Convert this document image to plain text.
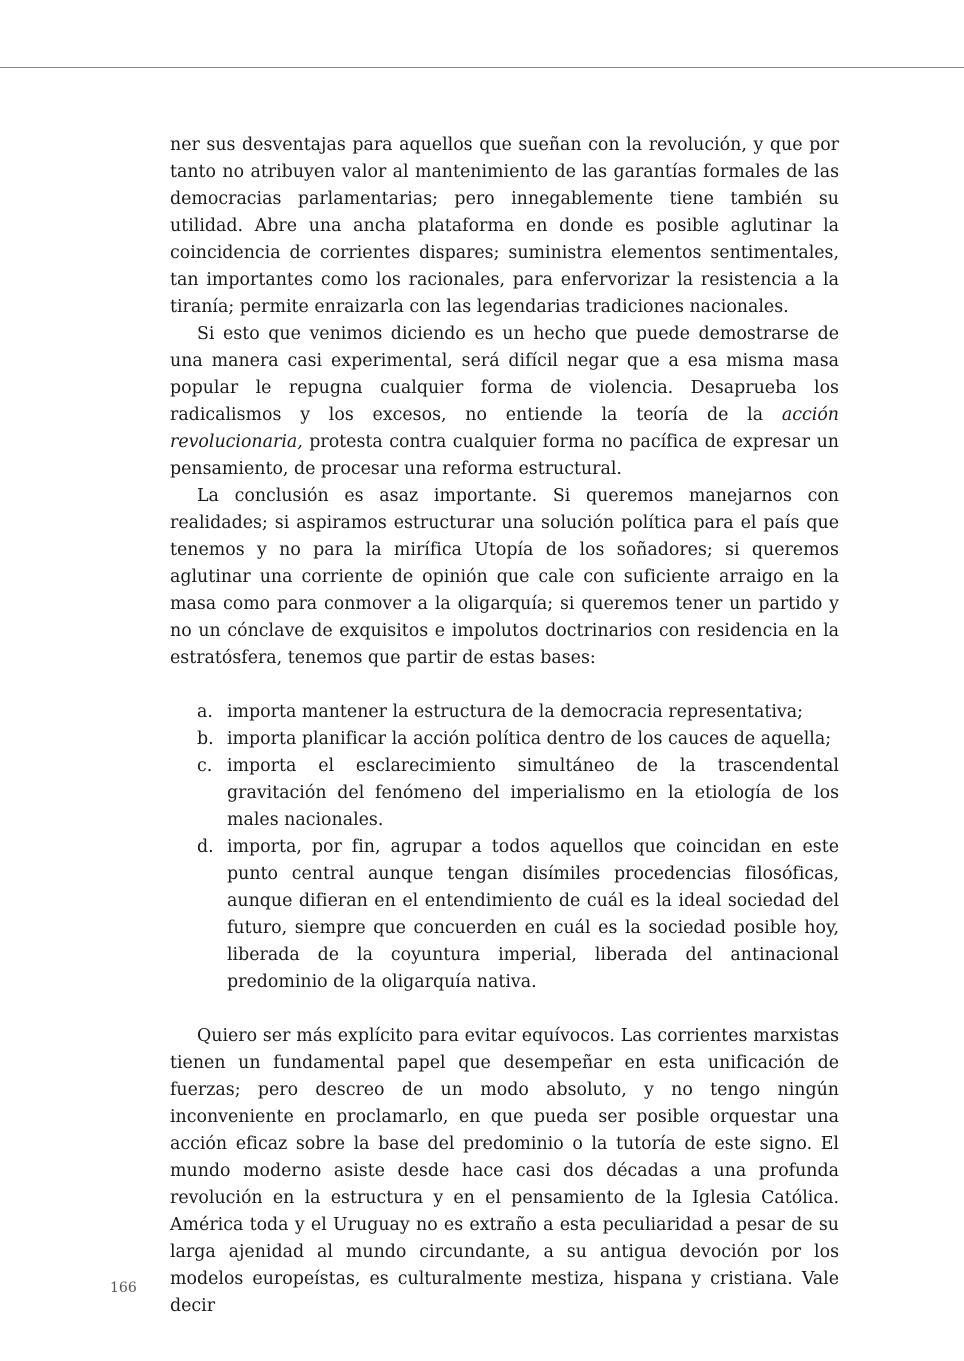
ner sus desventajas para aquellos que sueñan con la revolución, y que por tanto no atribuyen valor al mantenimiento de las garantías formales de las democracias parlamentarias; pero innegablemente tiene también su utilidad. Abre una ancha plataforma en donde es posible aglutinar la coincidencia de corrientes dispares; suministra elementos sentimentales, tan importantes como los racionales, para enfervorizar la resistencia a la tiranía; permite enraizarla con las legendarias tradiciones nacionales.

Si esto que venimos diciendo es un hecho que puede demostrarse de una manera casi experimental, será difícil negar que a esa misma masa popular le repugna cualquier forma de violencia. Desaprueba los radicalismos y los excesos, no entiende la teoría de la acción revolucionaria, protesta contra cualquier forma no pacífica de expresar un pensamiento, de procesar una reforma estructural.

La conclusión es asaz importante. Si queremos manejarnos con realidades; si aspiramos estructurar una solución política para el país que tenemos y no para la mirífica Utopía de los soñadores; si queremos aglutinar una corriente de opinión que cale con suficiente arraigo en la masa como para conmover a la oligarquía; si queremos tener un partido y no un cónclave de exquisitos e impolutos doctrinarios con residencia en la estratósfera, tenemos que partir de estas bases:

a. importa mantener la estructura de la democracia representativa;
b. importa planificar la acción política dentro de los cauces de aquella;
c. importa el esclarecimiento simultáneo de la trascendental gravitación del fenómeno del imperialismo en la etiología de los males nacionales.
d. importa, por fin, agrupar a todos aquellos que coincidan en este punto central aunque tengan disímiles procedencias filosóficas, aunque difieran en el entendimiento de cuál es la ideal sociedad del futuro, siempre que concuerden en cuál es la sociedad posible hoy, liberada de la coyuntura imperial, liberada del antinacional predominio de la oligarquía nativa.

Quiero ser más explícito para evitar equívocos. Las corrientes marxistas tienen un fundamental papel que desempeñar en esta unificación de fuerzas; pero descreo de un modo absoluto, y no tengo ningún inconveniente en proclamarlo, en que pueda ser posible orquestar una acción eficaz sobre la base del predominio o la tutoría de este signo. El mundo moderno asiste desde hace casi dos décadas a una profunda revolución en la estructura y en el pensamiento de la Iglesia Católica. América toda y el Uruguay no es extraño a esta peculiaridad a pesar de su larga ajenidad al mundo circundante, a su antigua devoción por los modelos europeístas, es culturalmente mestiza, hispana y cristiana. Vale decir

166
